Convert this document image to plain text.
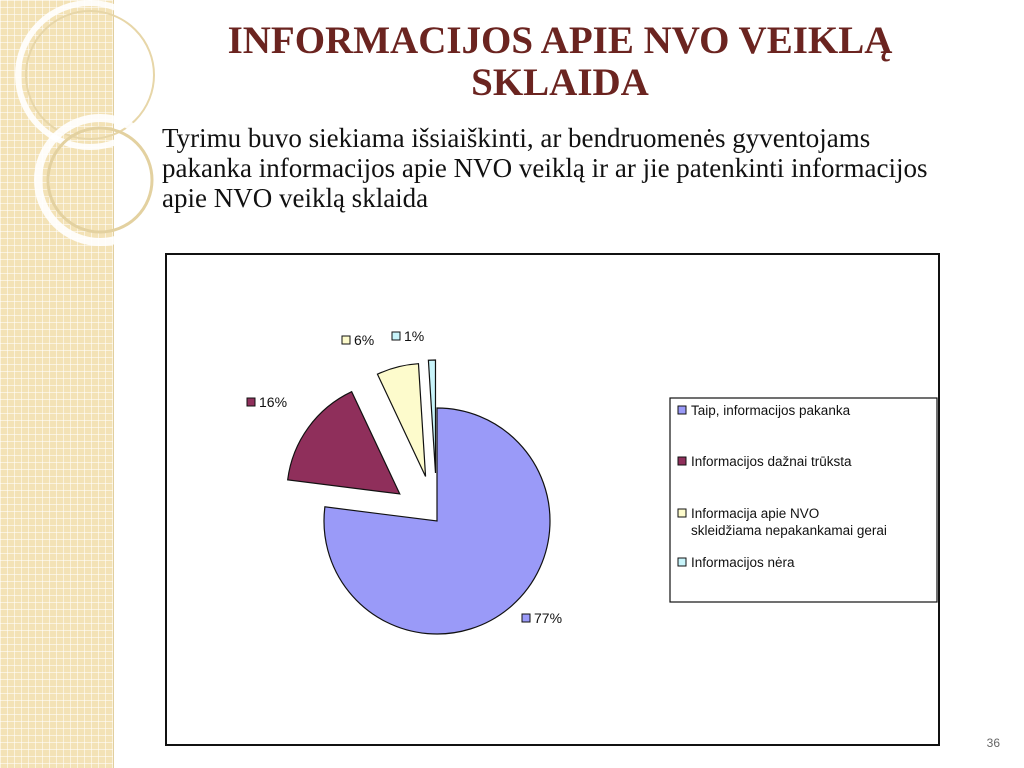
INFORMACIJOS APIE NVO VEIKLĄ SKLAIDA

Tyrimu buvo siekiama išsiaiškinti, ar bendruomenės gyventojams pakanka informacijos apie NVO veiklą ir ar jie patenkinti informacijos apie NVO veiklą sklaida

77%
16%
6% 1%
Taip, informacijos pakanka
Informacijos dažnai trūksta
Informacija apie NVO skleidžiama nepakankamai gerai
Informacijos nėra
36
